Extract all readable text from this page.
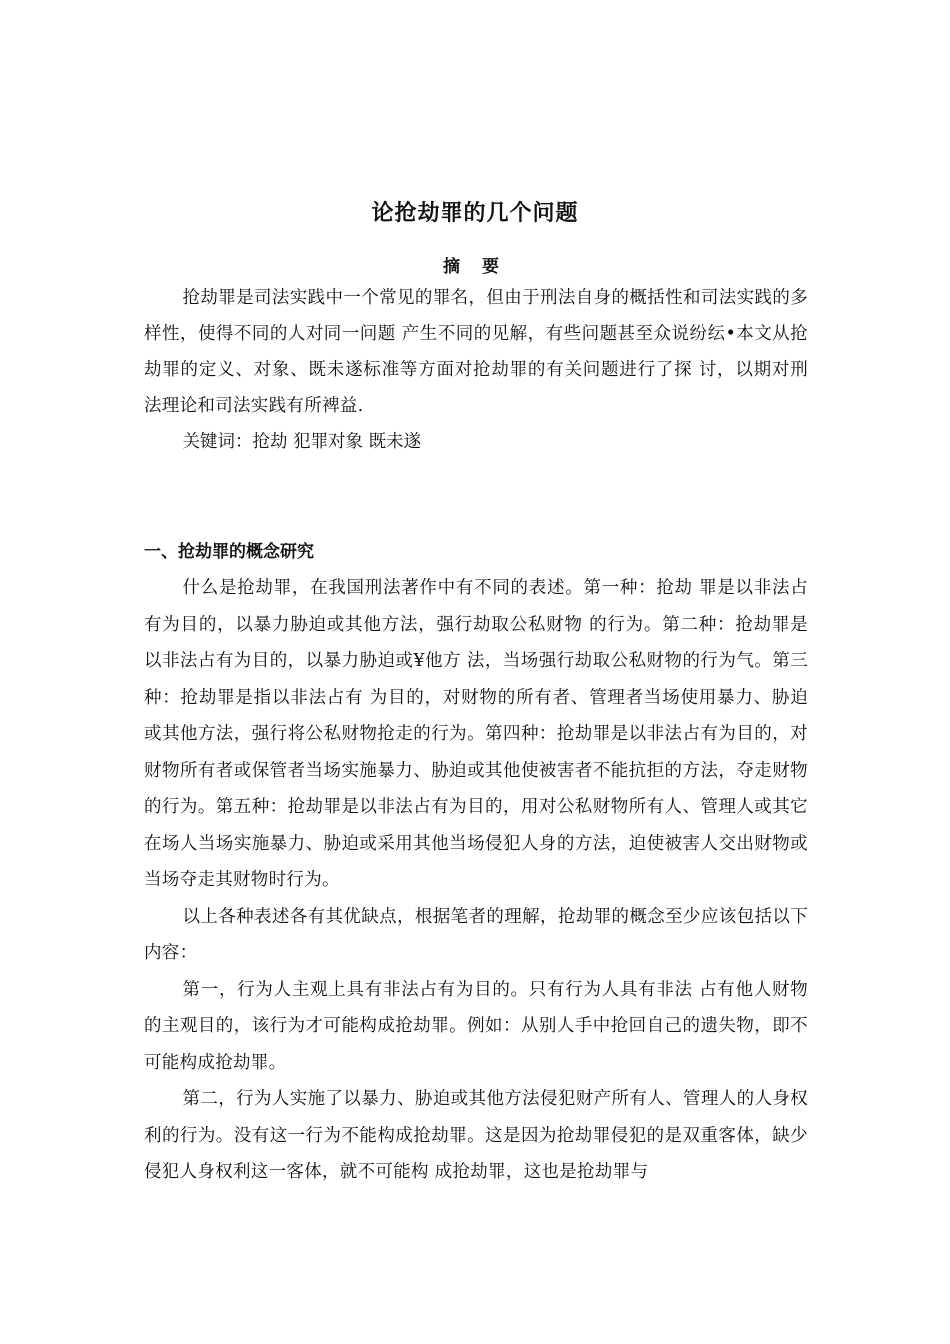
论抢劫罪的几个问题
摘 要

抢劫罪是司法实践中一个常见的罪名，但由于刑法自身的概括性和司法实践的多样性，使得不同的人对同一问题 产生不同的见解，有些问题甚至众说纷纭•本文从抢劫罪的定义、对象、既未遂标准等方面对抢劫罪的有关问题进行了探 讨，以期对刑法理论和司法实践有所裨益.

关键词：抢劫 犯罪对象 既未遂

一、抢劫罪的概念研究

什么是抢劫罪，在我国刑法著作中有不同的表述。第一种：抢劫 罪是以非法占有为目的，以暴力胁迫或其他方法，强行劫取公私财物 的行为。第二种：抢劫罪是以非法占有为目的，以暴力胁迫或¥他方 法，当场强行劫取公私财物的行为气。第三种：抢劫罪是指以非法占有 为目的，对财物的所有者、管理者当场使用暴力、胁迫或其他方法，强行将公私财物抢走的行为。第四种：抢劫罪是以非法占有为目的，对 财物所有者或保管者当场实施暴力、胁迫或其他使被害者不能抗拒的方法，夺走财物的行为。第五种：抢劫罪是以非法占有为目的，用对公私财物所有人、管理人或其它在场人当场实施暴力、胁迫或采用其他当场侵犯人身的方法，迫使被害人交出财物或当场夺走其财物时行为。

以上各种表述各有其优缺点，根据笔者的理解，抢劫罪的概念至少应该包括以下内容：

第一，行为人主观上具有非法占有为目的。只有行为人具有非法 占有他人财物的主观目的，该行为才可能构成抢劫罪。例如：从别人手中抢回自己的遗失物，即不可能构成抢劫罪。

第二，行为人实施了以暴力、胁迫或其他方法侵犯财产所有人、管理人的人身权利的行为。没有这一行为不能构成抢劫罪。这是因为抢劫罪侵犯的是双重客体，缺少侵犯人身权利这一客体，就不可能构 成抢劫罪，这也是抢劫罪与
